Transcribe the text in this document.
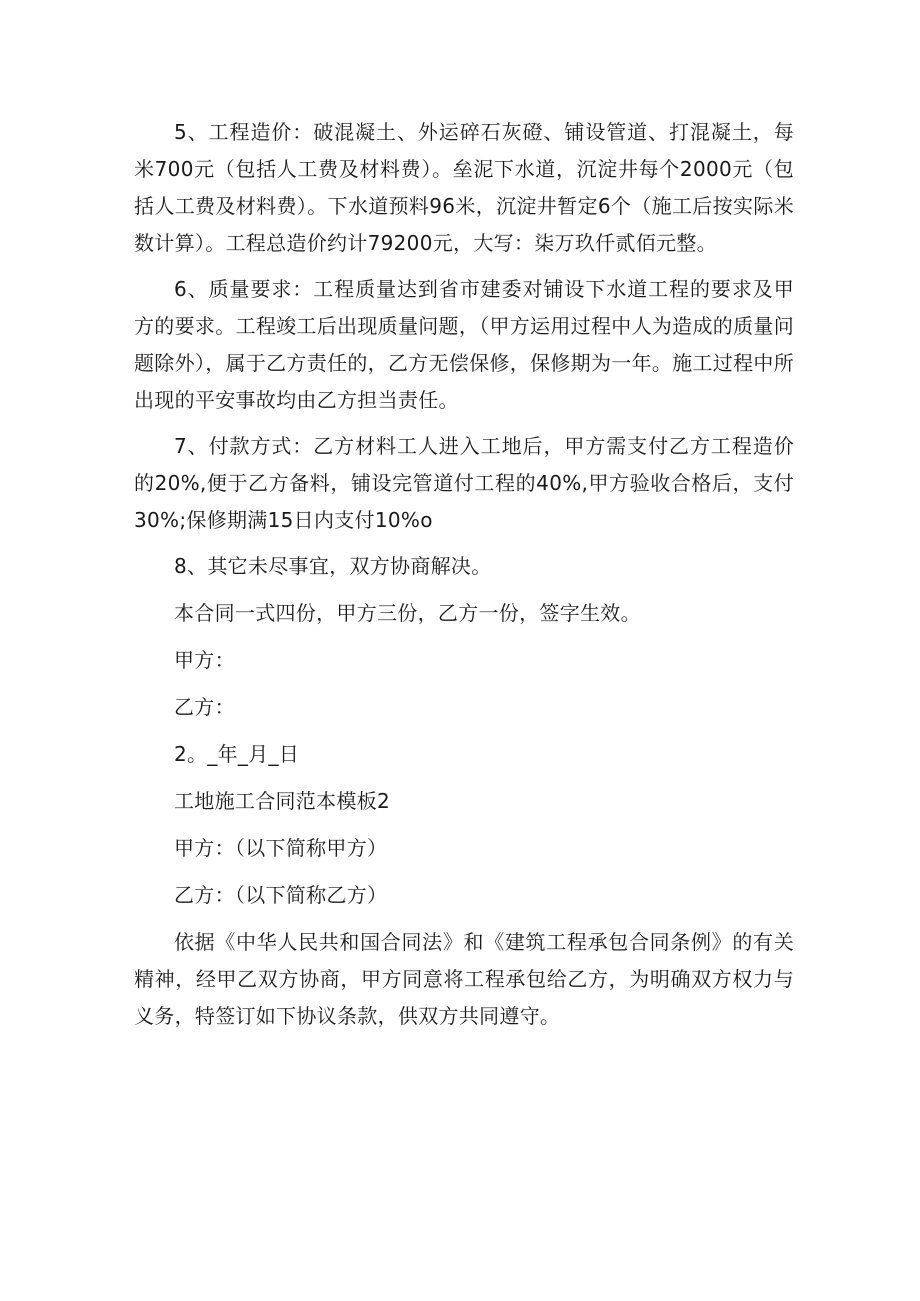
5、工程造价：破混凝土、外运碎石灰磴、铺设管道、打混凝土，每米700元（包括人工费及材料费）。垒泥下水道，沉淀井每个2000元（包括人工费及材料费）。下水道预料96米，沉淀井暂定6个（施工后按实际米数计算）。工程总造价约计79200元，大写：柒万玖仟贰佰元整。

6、质量要求：工程质量达到省市建委对铺设下水道工程的要求及甲方的要求。工程竣工后出现质量问题，（甲方运用过程中人为造成的质量问题除外），属于乙方责任的，乙方无偿保修，保修期为一年。施工过程中所出现的平安事故均由乙方担当责任。

7、付款方式：乙方材料工人进入工地后，甲方需支付乙方工程造价的20%,便于乙方备料，铺设完管道付工程的40%,甲方验收合格后，支付30%;保修期满15日内支付10%o

8、其它未尽事宜，双方协商解决。

本合同一式四份，甲方三份，乙方一份，签字生效。

甲方：

乙方：

2。_年_月_日

工地施工合同范本模板2

甲方：（以下简称甲方）

乙方：（以下简称乙方）

依据《中华人民共和国合同法》和《建筑工程承包合同条例》的有关精神，经甲乙双方协商，甲方同意将工程承包给乙方，为明确双方权力与义务，特签订如下协议条款，供双方共同遵守。
